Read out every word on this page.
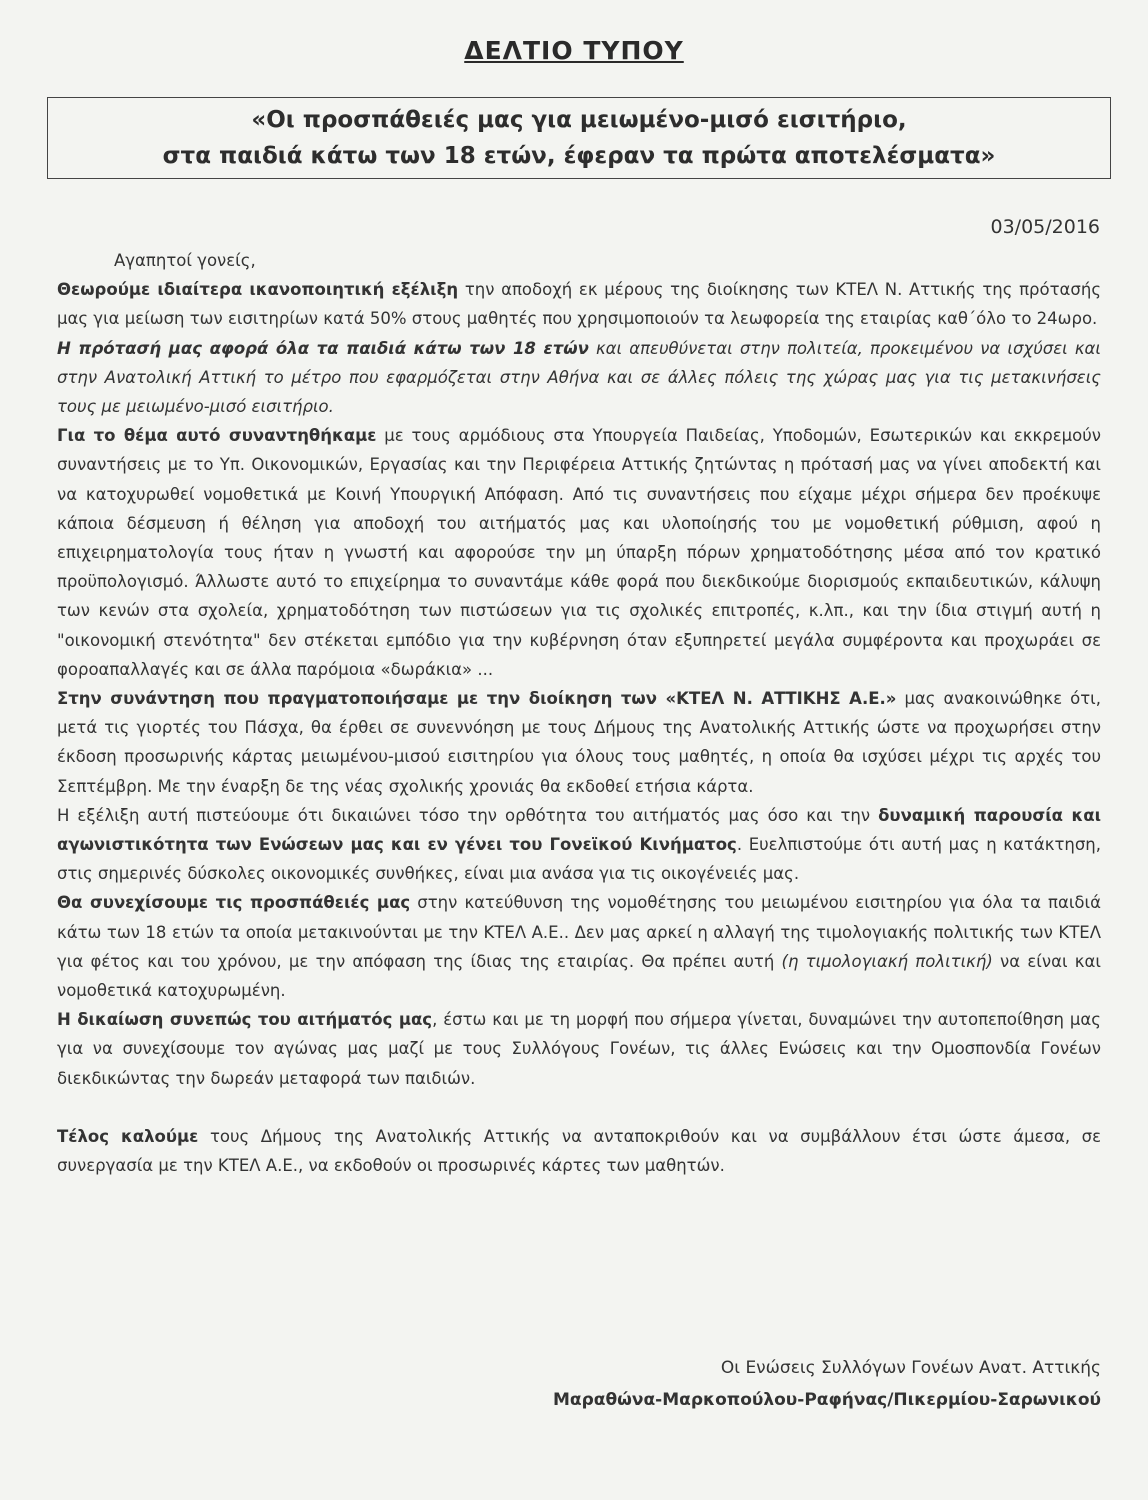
ΔΕΛΤΙΟ ΤΥΠΟΥ
«Οι προσπάθειές μας για μειωμένο-μισό εισιτήριο,
στα παιδιά κάτω των 18 ετών, έφεραν τα πρώτα αποτελέσματα»
03/05/2016

Αγαπητοί γονείς,

Θεωρούμε ιδιαίτερα ικανοποιητική εξέλιξη την αποδοχή εκ μέρους της διοίκησης των ΚΤΕΛ Ν. Αττικής της πρότασής μας για μείωση των εισιτηρίων κατά 50% στους μαθητές που χρησιμοποιούν τα λεωφορεία της εταιρίας καθ΄όλο το 24ωρο.

Η πρότασή μας αφορά όλα τα παιδιά κάτω των 18 ετών και απευθύνεται στην πολιτεία, προκειμένου να ισχύσει και στην Ανατολική Αττική το μέτρο που εφαρμόζεται στην Αθήνα και σε άλλες πόλεις της χώρας μας για τις μετακινήσεις τους με μειωμένο-μισό εισιτήριο.

Για το θέμα αυτό συναντηθήκαμε με τους αρμόδιους στα Υπουργεία Παιδείας, Υποδομών, Εσωτερικών και εκκρεμούν συναντήσεις με το Υπ. Οικονομικών, Εργασίας και την Περιφέρεια Αττικής ζητώντας η πρότασή μας να γίνει αποδεκτή και να κατοχυρωθεί νομοθετικά με Κοινή Υπουργική Απόφαση. Από τις συναντήσεις που είχαμε μέχρι σήμερα δεν προέκυψε κάποια δέσμευση ή θέληση για αποδοχή του αιτήματός μας και υλοποίησής του με νομοθετική ρύθμιση, αφού η επιχειρηματολογία τους ήταν η γνωστή και αφορούσε την μη ύπαρξη πόρων χρηματοδότησης μέσα από τον κρατικό προϋπολογισμό. Άλλωστε αυτό το επιχείρημα το συναντάμε κάθε φορά που διεκδικούμε διορισμούς εκπαιδευτικών, κάλυψη των κενών στα σχολεία, χρηματοδότηση των πιστώσεων για τις σχολικές επιτροπές, κ.λπ., και την ίδια στιγμή αυτή η "οικονομική στενότητα" δεν στέκεται εμπόδιο για την κυβέρνηση όταν εξυπηρετεί μεγάλα συμφέροντα και προχωράει σε φοροαπαλλαγές και σε άλλα παρόμοια «δωράκια» ...

Στην συνάντηση που πραγματοποιήσαμε με την διοίκηση των «ΚΤΕΛ Ν. ΑΤΤΙΚΗΣ Α.Ε.» μας ανακοινώθηκε ότι, μετά τις γιορτές του Πάσχα, θα έρθει σε συνεννόηση με τους Δήμους της Ανατολικής Αττικής ώστε να προχωρήσει στην έκδοση προσωρινής κάρτας μειωμένου-μισού εισιτηρίου για όλους τους μαθητές, η οποία θα ισχύσει μέχρι τις αρχές του Σεπτέμβρη. Με την έναρξη δε της νέας σχολικής χρονιάς θα εκδοθεί ετήσια κάρτα.

Η εξέλιξη αυτή πιστεύουμε ότι δικαιώνει τόσο την ορθότητα του αιτήματός μας όσο και την δυναμική παρουσία και αγωνιστικότητα των Ενώσεων μας και εν γένει του Γονεϊκού Κινήματος. Ευελπιστούμε ότι αυτή μας η κατάκτηση, στις σημερινές δύσκολες οικονομικές συνθήκες, είναι μια ανάσα για τις οικογένειές μας.

Θα συνεχίσουμε τις προσπάθειές μας στην κατεύθυνση της νομοθέτησης του μειωμένου εισιτηρίου για όλα τα παιδιά κάτω των 18 ετών τα οποία μετακινούνται με την ΚΤΕΛ Α.Ε.. Δεν μας αρκεί η αλλαγή της τιμολογιακής πολιτικής των ΚΤΕΛ για φέτος και του χρόνου, με την απόφαση της ίδιας της εταιρίας. Θα πρέπει αυτή (η τιμολογιακή πολιτική) να είναι και νομοθετικά κατοχυρωμένη.

Η δικαίωση συνεπώς του αιτήματός μας, έστω και με τη μορφή που σήμερα γίνεται, δυναμώνει την αυτοπεποίθηση μας για να συνεχίσουμε τον αγώνας μας μαζί με τους Συλλόγους Γονέων, τις άλλες Ενώσεις και την Ομοσπονδία Γονέων διεκδικώντας την δωρεάν μεταφορά των παιδιών.

Τέλος καλούμε τους Δήμους της Ανατολικής Αττικής να ανταποκριθούν και να συμβάλλουν έτσι ώστε άμεσα, σε συνεργασία με την ΚΤΕΛ Α.Ε., να εκδοθούν οι προσωρινές κάρτες των μαθητών.

Οι Ενώσεις Συλλόγων Γονέων Ανατ. Αττικής
Μαραθώνα-Μαρκοπούλου-Ραφήνας/Πικερμίου-Σαρωνικού
